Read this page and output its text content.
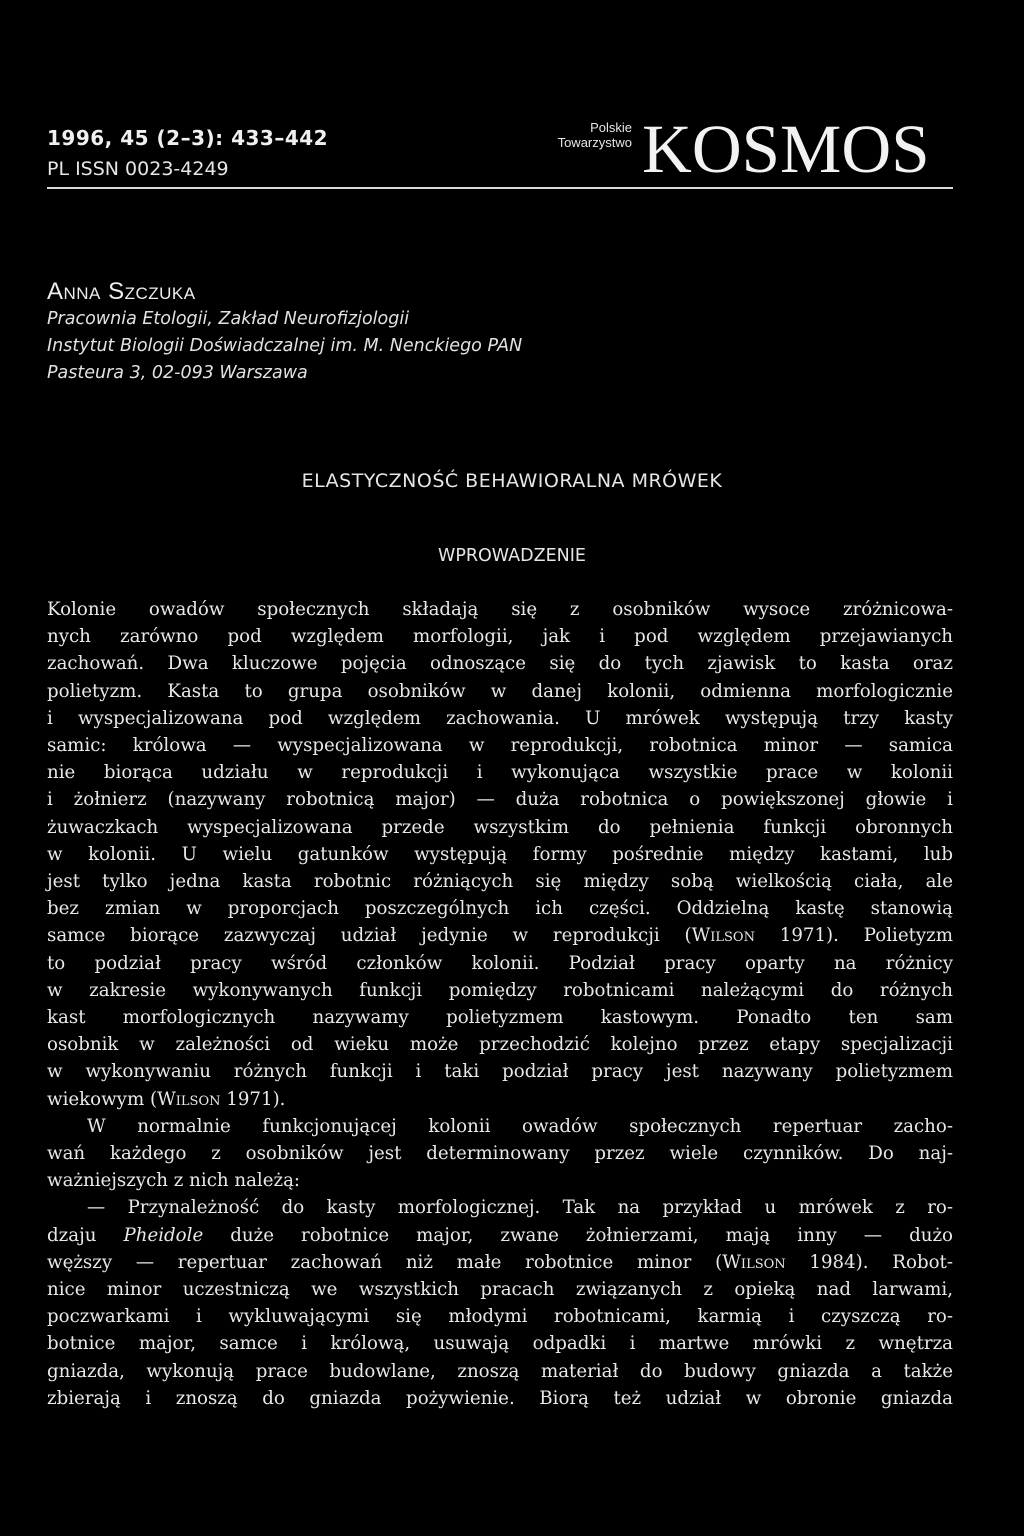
1996, 45 (2–3): 433–442
PL ISSN 0023-4249
Polskie
Towarzystwo KOSMOS
Anna Szczuka
Pracownia Etologii, Zakład Neurofizjologii
Instytut Biologii Doświadczalnej im. M. Nenckiego PAN
Pasteura 3, 02-093 Warszawa
ELASTYCZNOŚĆ BEHAWIORALNA MRÓWEK
WPROWADZENIE

Kolonie owadów społecznych składają się z osobników wysoce zróżnicowa-

nych zarówno pod względem morfologii, jak i pod względem przejawianych

zachowań. Dwa kluczowe pojęcia odnoszące się do tych zjawisk to kasta oraz

polietyzm. Kasta to grupa osobników w danej kolonii, odmienna morfologicznie

i wyspecjalizowana pod względem zachowania. U mrówek występują trzy kasty

samic: królowa — wyspecjalizowana w reprodukcji, robotnica minor — samica

nie biorąca udziału w reprodukcji i wykonująca wszystkie prace w kolonii

i żołnierz (nazywany robotnicą major) — duża robotnica o powiększonej głowie i

żuwaczkach wyspecjalizowana przede wszystkim do pełnienia funkcji obronnych

w kolonii. U wielu gatunków występują formy pośrednie między kastami, lub

jest tylko jedna kasta robotnic różniących się między sobą wielkością ciała, ale

bez zmian w proporcjach poszczególnych ich części. Oddzielną kastę stanowią

samce biorące zazwyczaj udział jedynie w reprodukcji (Wilson 1971). Polietyzm

to podział pracy wśród członków kolonii. Podział pracy oparty na różnicy

w zakresie wykonywanych funkcji pomiędzy robotnicami należącymi do różnych

kast morfologicznych nazywamy polietyzmem kastowym. Ponadto ten sam

osobnik w zależności od wieku może przechodzić kolejno przez etapy specjalizacji

w wykonywaniu różnych funkcji i taki podział pracy jest nazywany polietyzmem

wiekowym (Wilson 1971).

W normalnie funkcjonującej kolonii owadów społecznych repertuar zacho-

wań każdego z osobników jest determinowany przez wiele czynników. Do naj-

ważniejszych z nich należą:

— Przynależność do kasty morfologicznej. Tak na przykład u mrówek z ro-

dzaju Pheidole duże robotnice major, zwane żołnierzami, mają inny — dużo

węższy — repertuar zachowań niż małe robotnice minor (Wilson 1984). Robot-

nice minor uczestniczą we wszystkich pracach związanych z opieką nad larwami,

poczwarkami i wykluwającymi się młodymi robotnicami, karmią i czyszczą ro-

botnice major, samce i królową, usuwają odpadki i martwe mrówki z wnętrza

gniazda, wykonują prace budowlane, znoszą materiał do budowy gniazda a także

zbierają i znoszą do gniazda pożywienie. Biorą też udział w obronie gniazda
